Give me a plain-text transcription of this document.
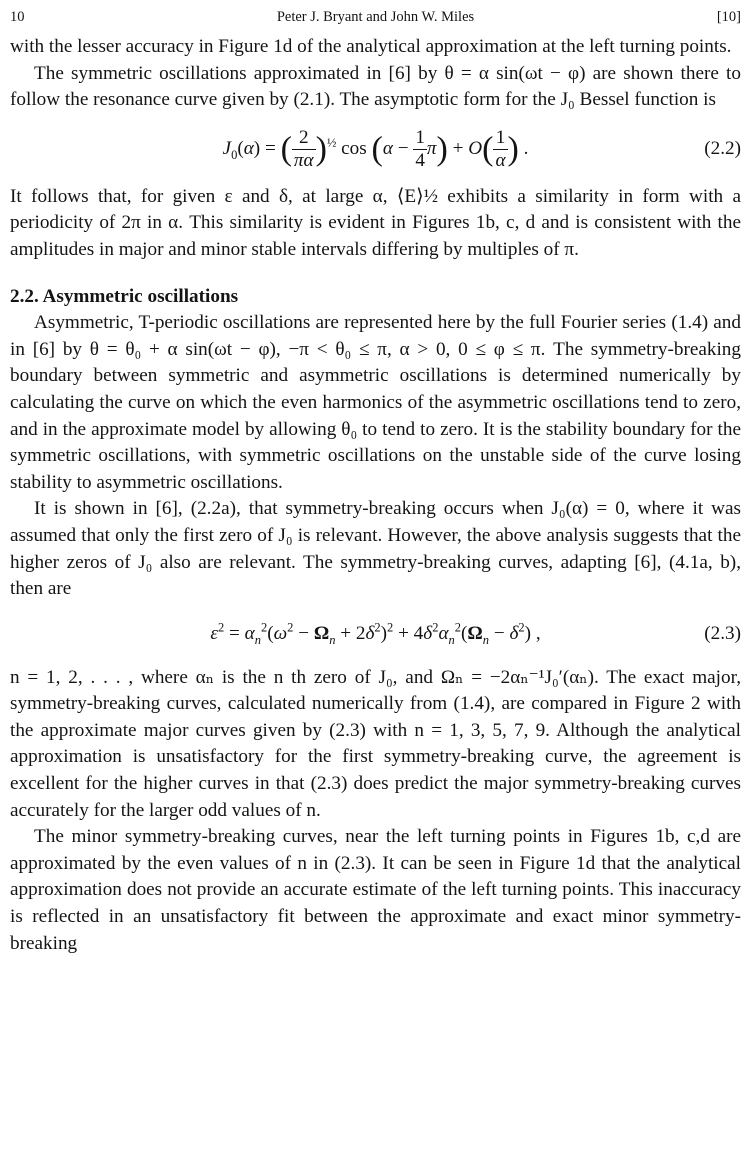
10	Peter J. Bryant and John W. Miles	[10]

with the lesser accuracy in Figure 1d of the analytical approximation at the left turning points.

The symmetric oscillations approximated in [6] by θ = α sin(ωt − φ) are shown there to follow the resonance curve given by (2.1). The asymptotic form for the J₀ Bessel function is

$J_0(\alpha)$ = ( $\frac{2}{\pi\alpha} )^{\frac{1}{2}}$ $\cos (\alpha - \frac{1}{4} \pi) + O( \frac{1}{\alpha}$ ) .	(2.2)

It follows that, for given ε and δ, at large α, ⟨E⟩½ exhibits a similarity in form with a periodicity of 2π in α. This similarity is evident in Figures 1b, c, d and is consistent with the amplitudes in major and minor stable intervals differing by multiples of π.

2.2. Asymmetric oscillations

Asymmetric, T-periodic oscillations are represented here by the full Fourier series (1.4) and in [6] by θ = θ₀ + α sin(ωt − φ), −π < θ₀ ≤ π, α > 0, 0 ≤ φ ≤ π. The symmetry-breaking boundary between symmetric and asymmetric oscillations is determined numerically by calculating the curve on which the even harmonics of the asymmetric oscillations tend to zero, and in the approximate model by allowing θ₀ to tend to zero. It is the stability boundary for the symmetric oscillations, with symmetric oscillations on the unstable side of the curve losing stability to asymmetric oscillations.

It is shown in [6], (2.2a), that symmetry-breaking occurs when J₀(α) = 0, where it was assumed that only the first zero of J₀ is relevant. However, the above analysis suggests that the higher zeros of J₀ also are relevant. The symmetry-breaking curves, adapting [6], (4.1a, b), then are

$\varepsilon^2 = \alpha_n^2(\omega^2 - \Omega_n + 2\delta^2)^2 + 4\delta^2\alpha_n^2(\Omega_n - \delta^2)$ ,	(2.3)

n = 1, 2, . . . , where αₙ is the n th zero of J₀, and Ωₙ = −2αₙ⁻¹J₀′(αₙ). The exact major, symmetry-breaking curves, calculated numerically from (1.4), are compared in Figure 2 with the approximate major curves given by (2.3) with n = 1, 3, 5, 7, 9. Although the analytical approximation is unsatisfactory for the first symmetry-breaking curve, the agreement is excellent for the higher curves in that (2.3) does predict the major symmetry-breaking curves accurately for the larger odd values of n.

The minor symmetry-breaking curves, near the left turning points in Figures 1b, c,d are approximated by the even values of n in (2.3). It can be seen in Figure 1d that the analytical approximation does not provide an accurate estimate of the left turning points. This inaccuracy is reflected in an unsatisfactory fit between the approximate and exact minor symmetry-breaking
